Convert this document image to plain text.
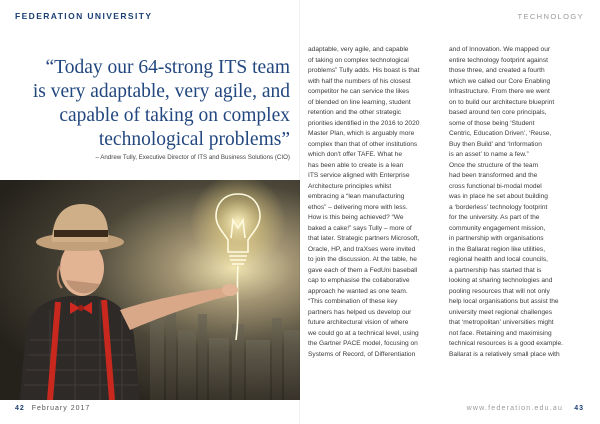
FEDERATION UNIVERSITY
“Today our 64-strong ITS team
is very adaptable, very agile, and
capable of taking on complex
technological problems”
– Andrew Tully, Executive Director of ITS and Business Solutions (CIO)
42 February 2017
TECHNOLOGY

adaptable, very agile, and capable

of taking on complex technological

problems” Tully adds. His boast is that

with half the numbers of his closest

competitor he can service the likes

of blended on line learning, student

retention and the other strategic

priorities identified in the 2016 to 2020

Master Plan, which is arguably more

complex than that of other institutions

which don't offer TAFE. What he

has been able to create is a lean

ITS service aligned with Enterprise

Architecture principles whilst

embracing a “lean manufacturing

ethos” – delivering more with less.

How is this being achieved? “We

baked a cake!” says Tully – more of

that later. Strategic partners Microsoft,

Oracle, HP, and traXses were invited

to join the discussion. At the table, he

gave each of them a FedUni baseball

cap to emphasise the collaborative

approach he wanted as one team.

“This combination of these key

partners has helped us develop our

future architectural vision of where

we could go at a technical level, using

the Gartner PACE model, focusing on

Systems of Record, of Differentiation

and of Innovation. We mapped our

entire technology footprint against

those three, and created a fourth

which we called our Core Enabling

Infrastructure. From there we went

on to build our architecture blueprint

based around ten core principals,

some of those being ‘Student

Centric, Education Driven’, ‘Reuse,

Buy then Build’ and ‘Information

is an asset’ to name a few.”

Once the structure of the team

had been transformed and the

cross functional bi-modal model

was in place he set about building

a ‘borderless’ technology footprint

for the university. As part of the

community engagement mission,

in partnership with organisations

in the Ballarat region like utilities,

regional health and local councils,

a partnership has started that is

looking at sharing technologies and

pooling resources that will not only

help local organisations but assist the

university meet regional challenges

that ‘metropolitan’ universities might

not face. Retaining and maximising

technical resources is a good example.

Ballarat is a relatively small place with

www.federation.edu.au 43
